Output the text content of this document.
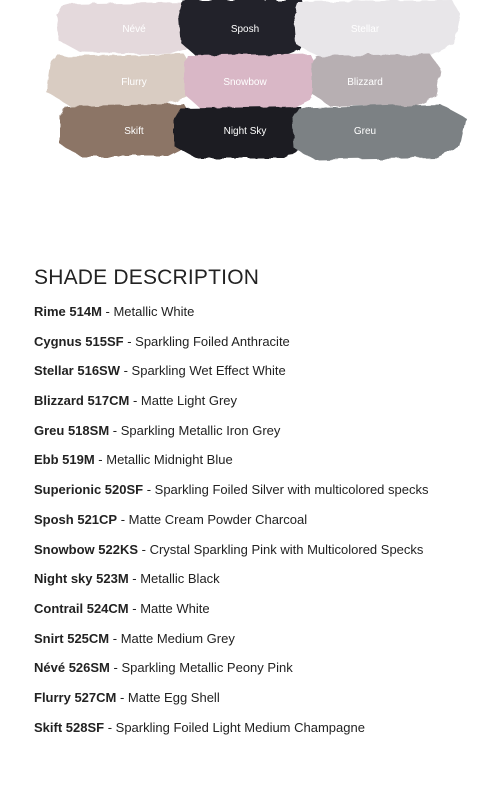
Névé	Sposh	Stellar
Flurry	Snowbow	Blizzard
Skift	Night Sky	Greu
SHADE DESCRIPTION
Rime 514M - Metallic White
Cygnus 515SF - Sparkling Foiled Anthracite
Stellar 516SW - Sparkling Wet Effect White
Blizzard 517CM - Matte Light Grey
Greu 518SM - Sparkling Metallic Iron Grey
Ebb 519M - Metallic Midnight Blue
Superionic 520SF - Sparkling Foiled Silver with multicolored specks
Sposh 521CP - Matte Cream Powder Charcoal
Snowbow 522KS - Crystal Sparkling Pink with Multicolored Specks
Night sky 523M - Metallic Black
Contrail 524CM - Matte White
Snirt 525CM - Matte Medium Grey
Névé 526SM - Sparkling Metallic Peony Pink
Flurry 527CM - Matte Egg Shell
Skift 528SF - Sparkling Foiled Light Medium Champagne
